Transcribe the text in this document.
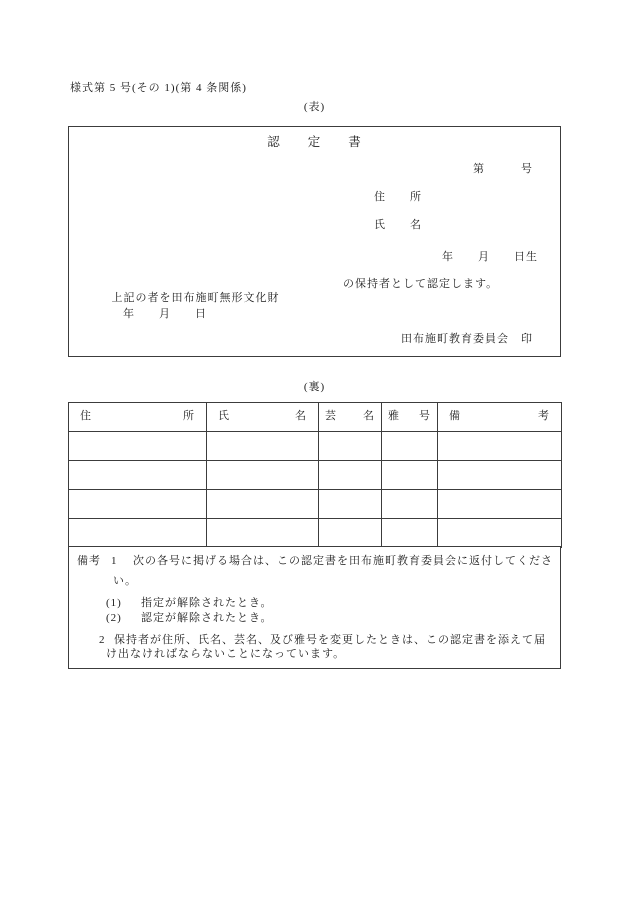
様式第 5 号(その 1)(第 4 条関係)
(表)
認　　定　　書
第　　　号
住　　所
氏　　名
年　　月　　日生

上記の者を田布施町無形文化財

の保持者として認定します。

年　　月　　日
田布施町教育委員会　印
(裏)
住 所	氏 名	芸 名	雅 号	備 考

備考 1 次の各号に掲げる場合は、この認定書を田布施町教育委員会に返付してくださ
い。
(1) 指定が解除されたとき。
(2) 認定が解除されたとき。
2 保持者が住所、氏名、芸名、及び雅号を変更したときは、この認定書を添えて届
け出なければならないことになっています。
